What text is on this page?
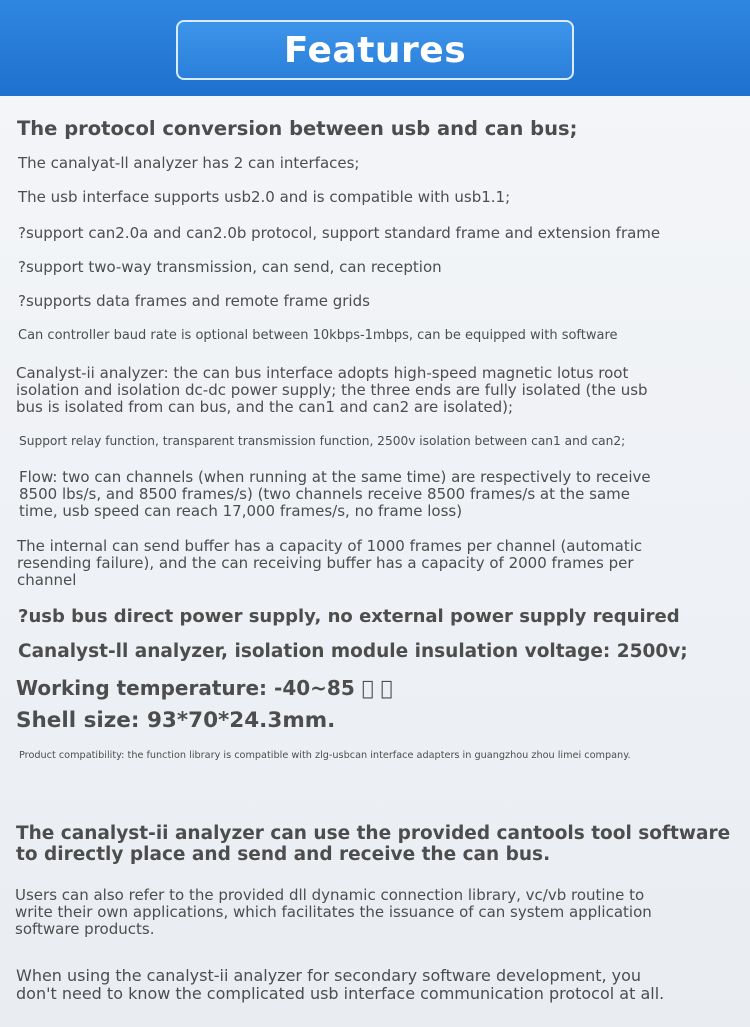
Features

The protocol conversion between usb and can bus;

The canalyat-ll analyzer has 2 can interfaces;

The usb interface supports usb2.0 and is compatible with usb1.1;

?support can2.0a and can2.0b protocol, support standard frame and extension frame

?support two-way transmission, can send, can reception

?supports data frames and remote frame grids

Can controller baud rate is optional between 10kbps-1mbps, can be equipped with software

Canalyst-ii analyzer: the can bus interface adopts high-speed magnetic lotus root
isolation and isolation dc-dc power supply; the three ends are fully isolated (the usb
bus is isolated from can bus, and the can1 and can2 are isolated);

Support relay function, transparent transmission function, 2500v isolation between can1 and can2;

Flow: two can channels (when running at the same time) are respectively to receive
8500 lbs/s, and 8500 frames/s) (two channels receive 8500 frames/s at the same
time, usb speed can reach 17,000 frames/s, no frame loss)

The internal can send buffer has a capacity of 1000 frames per channel (automatic
resending failure), and the can receiving buffer has a capacity of 2000 frames per
channel

?usb bus direct power supply, no external power supply required

Canalyst-ll analyzer, isolation module insulation voltage: 2500v;

Working temperature: -40~85 ￿ ￿

Shell size: 93*70*24.3mm.

Product compatibility: the function library is compatible with zlg-usbcan interface adapters in guangzhou zhou limei company.

The canalyst-ii analyzer can use the provided cantools tool software
to directly place and send and receive the can bus.

Users can also refer to the provided dll dynamic connection library, vc/vb routine to
write their own applications, which facilitates the issuance of can system application
software products.

When using the canalyst-ii analyzer for secondary software development, you
don't need to know the complicated usb interface communication protocol at all.
